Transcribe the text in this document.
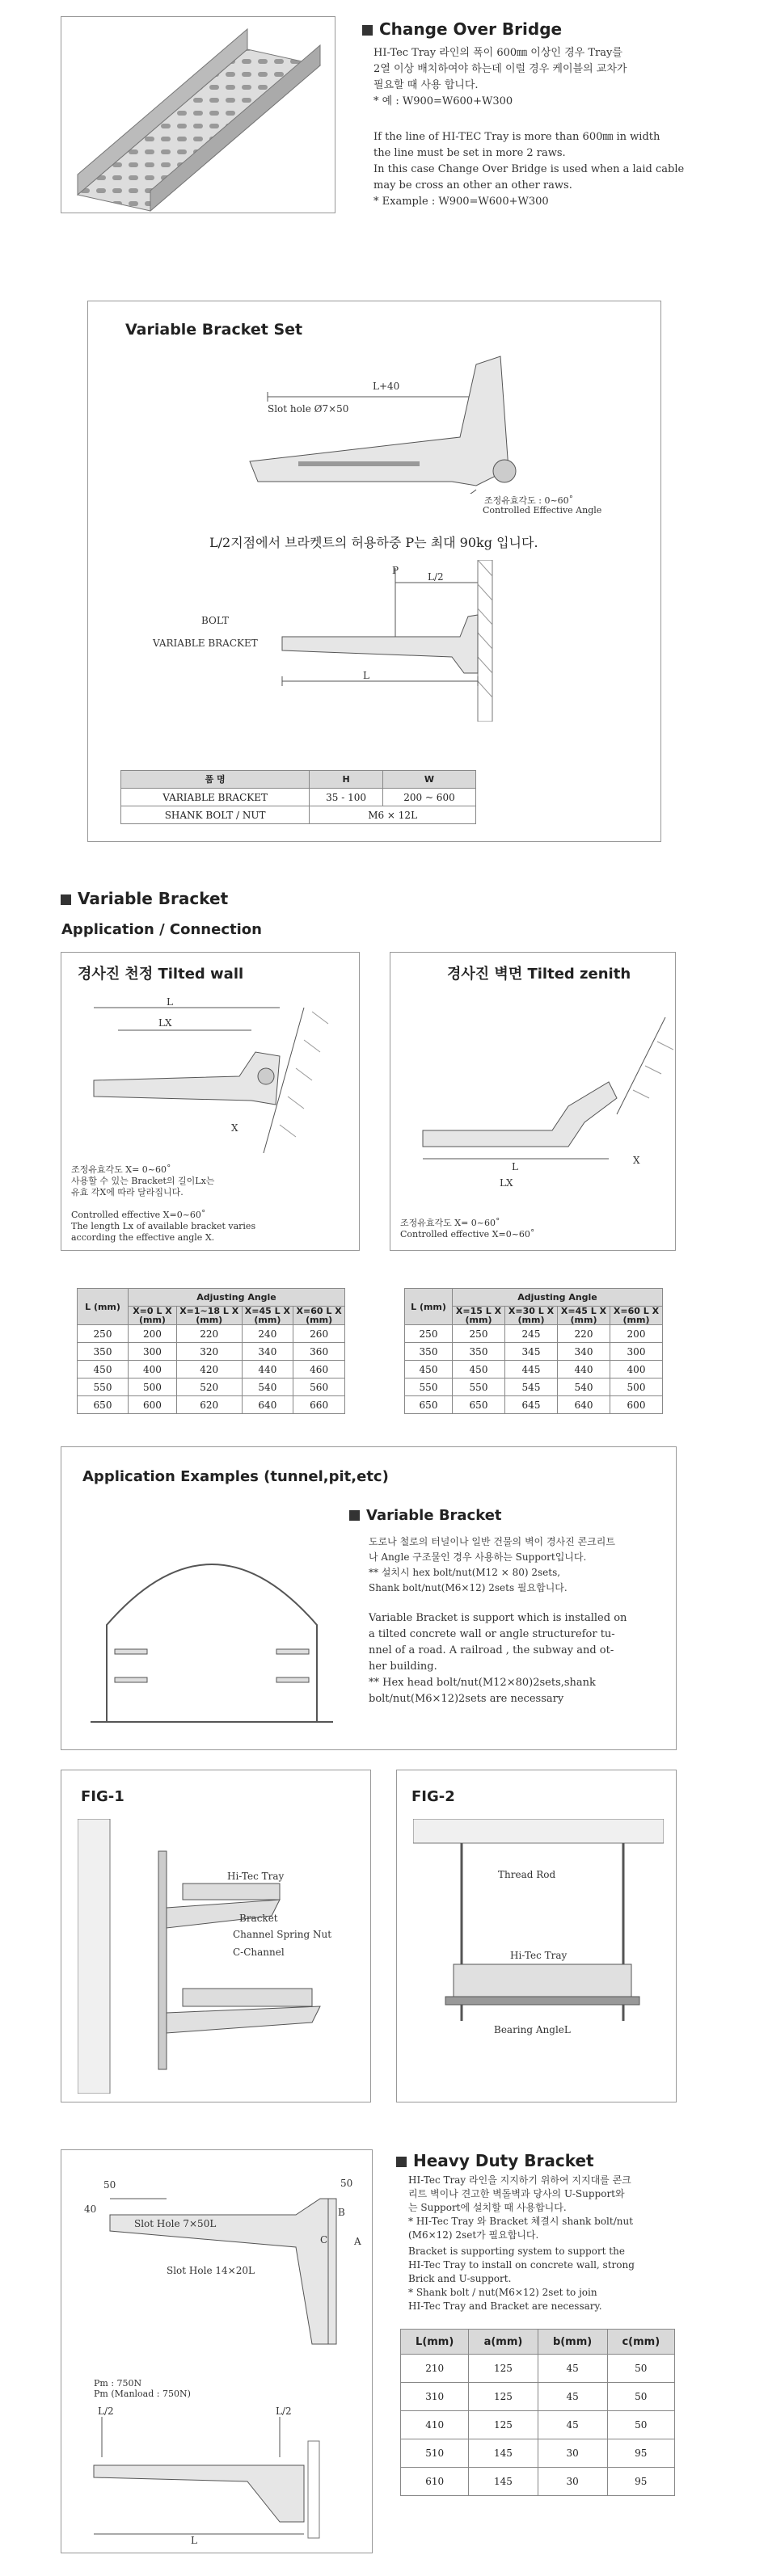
Change Over Bridge
HI-Tec Tray 라인의 폭이 600㎜ 이상인 경우 Tray를
2열 이상 배치하여야 하는데 이럴 경우 케이블의 교차가
필요할 때 사용 합니다.
* 예 : W900=W600+W300
If the line of HI-TEC Tray is more than 600㎜ in width
the line must be set in more 2 raws.
In this case Change Over Bridge is used when a laid cable
may be cross an other an other raws.
* Example : W900=W600+W300
Variable Bracket Set
L+40
Slot hole Ø7×50
조정유효각도 : 0~60˚
Controlled Effective Angle
L/2지점에서 브라켓트의 허용하중 P는 최대 90kg 입니다.
P
L/2
L
BOLT
VARIABLE BRACKET
품 명	H	W
VARIABLE BRACKET	35 - 100	200 ~ 600
SHANK BOLT / NUT	M6 × 12L	
Variable Bracket
Application / Connection
경사진 천정 Tilted wall
L
LX
X
조정유효각도 X= 0~60˚
사용할 수 있는 Bracket의 길이Lx는
유효 각X에 따라 달라집니다.
Controlled effective X=0~60˚
The length Lx of available bracket varies
according the effective angle X.
경사진 벽면 Tilted zenith
L
LX
X
조정유효각도 X= 0~60˚
Controlled effective X=0~60˚
L (mm)	Adjusting Angle			
	X=0 L X (mm)	X=1~18 L X (mm)	X=45 L X (mm)	X=60 L X (mm)
250	200	220	240	260
350	300	320	340	360
450	400	420	440	460
550	500	520	540	560
650	600	620	640	660
L (mm)	Adjusting Angle			
	X=15 L X (mm)	X=30 L X (mm)	X=45 L X (mm)	X=60 L X (mm)
250	250	245	220	200
350	350	345	340	300
450	450	445	440	400
550	550	545	540	500
650	650	645	640	600
Application Examples (tunnel,pit,etc)
Variable Bracket
도로나 철로의 터널이나 일반 건물의 벽이 경사진 콘크리트
나 Angle 구조물인 경우 사용하는 Support입니다.
** 설치시 hex bolt/nut(M12 × 80) 2sets,
Shank bolt/nut(M6×12) 2sets 필요합니다.
Variable Bracket is support which is installed on
a tilted concrete wall or angle structurefor tu-
nnel of a road. A railroad , the subway and ot-
her building.
** Hex head bolt/nut(M12×80)2sets,shank
bolt/nut(M6×12)2sets are necessary
FIG-1
Hi-Tec Tray
Bracket
Channel Spring Nut
C-Channel
FIG-2
Thread Rod
Hi-Tec Tray
Bearing AngleL
50
40
50
B
C	A
Slot Hole 7×50L
Slot Hole 14×20L
Pm : 750N
Pm (Manload : 750N)
L/2	L/2
L
Heavy Duty Bracket
HI-Tec Tray 라인을 지지하기 위하여 지지대를 콘크
리트 벽이나 견고한 벽돌벽과 당사의 U-Support와
는 Support에 설치할 때 사용합니다.
* HI-Tec Tray 와 Bracket 체결시 shank bolt/nut
(M6×12) 2set가 필요합니다.
Bracket is supporting system to support the
HI-Tec Tray to install on concrete wall, strong
Brick and U-support.
* Shank bolt / nut(M6×12) 2set to join
HI-Tec Tray and Bracket are necessary.
L(mm)	a(mm)	b(mm)	c(mm)
210	125	45	50
310	125	45	50
410	125	45	50
510	145	30	95
610	145	30	95
